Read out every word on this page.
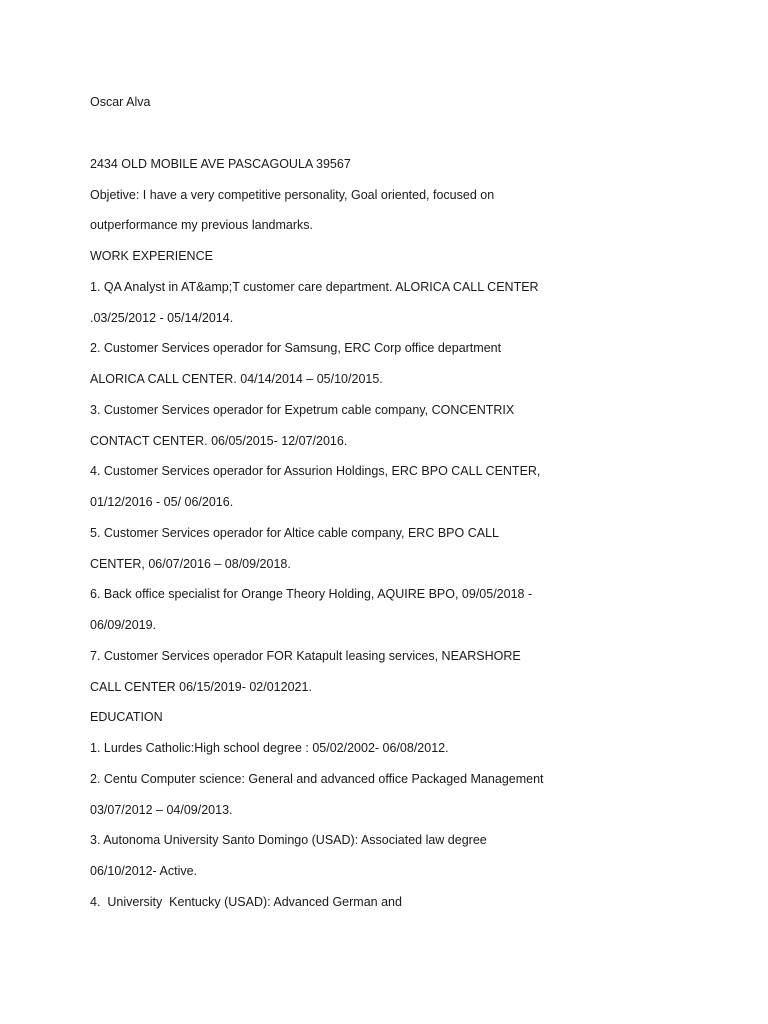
Oscar Alva
2434 OLD MOBILE AVE PASCAGOULA 39567
Objetive: I have a very competitive personality, Goal oriented, focused on
outperformance my previous landmarks.
WORK EXPERIENCE
1. QA Analyst in AT&amp;T customer care department. ALORICA CALL CENTER
.03/25/2012 - 05/14/2014.
2. Customer Services operador for Samsung, ERC Corp office department
ALORICA CALL CENTER. 04/14/2014 – 05/10/2015.
3. Customer Services operador for Expetrum cable company, CONCENTRIX
CONTACT CENTER. 06/05/2015- 12/07/2016.
4. Customer Services operador for Assurion Holdings, ERC BPO CALL CENTER,
01/12/2016 - 05/ 06/2016.
5. Customer Services operador for Altice cable company, ERC BPO CALL
CENTER, 06/07/2016 – 08/09/2018.
6. Back office specialist for Orange Theory Holding, AQUIRE BPO, 09/05/2018 -
06/09/2019.
7. Customer Services operador FOR Katapult leasing services, NEARSHORE
CALL CENTER 06/15/2019- 02/012021.
EDUCATION
1. Lurdes Catholic:High school degree : 05/02/2002- 06/08/2012.
2. Centu Computer science: General and advanced office Packaged Management
03/07/2012 – 04/09/2013.
3. Autonoma University Santo Domingo (USAD): Associated law degree
06/10/2012- Active.
4.  University  Kentucky (USAD): Advanced German and
